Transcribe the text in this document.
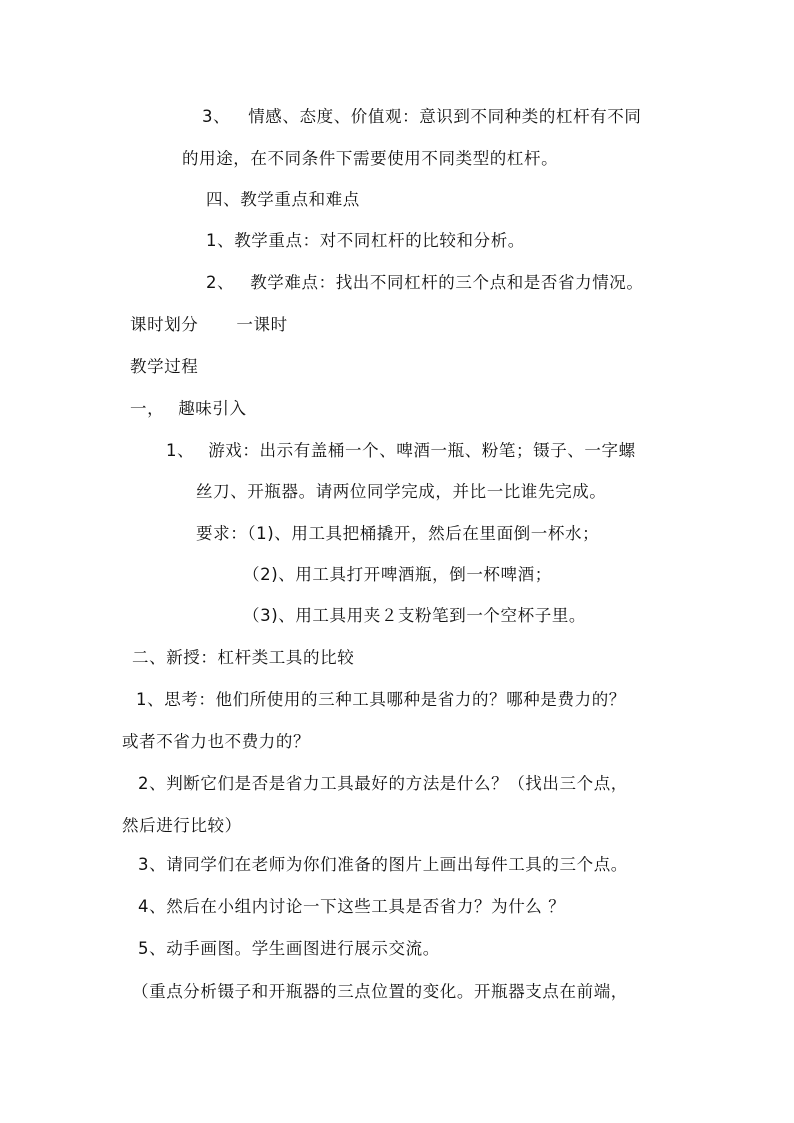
3、 情感、态度、价值观：意识到不同种类的杠杆有不同
的用途，在不同条件下需要使用不同类型的杠杆。
四、教学重点和难点
1、教学重点：对不同杠杆的比较和分析。
2、 教学难点：找出不同杠杆的三个点和是否省力情况。
课时划分 一课时
教学过程
一， 趣味引入
1、 游戏：出示有盖桶一个、啤酒一瓶、粉笔；镊子、一字螺
丝刀、开瓶器。请两位同学完成，并比一比谁先完成。
要求：（1)、用工具把桶撬开，然后在里面倒一杯水；
（2)、用工具打开啤酒瓶，倒一杯啤酒；
（3)、用工具用夹２支粉笔到一个空杯子里。
二、新授：杠杆类工具的比较
1、思考：他们所使用的三种工具哪种是省力的？哪种是费力的？
或者不省力也不费力的？
2、判断它们是否是省力工具最好的方法是什么？（找出三个点，
然后进行比较）
3、请同学们在老师为你们准备的图片上画出每件工具的三个点。
4、然后在小组内讨论一下这些工具是否省力？为什么 ？
5、动手画图。学生画图进行展示交流。
（重点分析镊子和开瓶器的三点位置的变化。开瓶器支点在前端，
